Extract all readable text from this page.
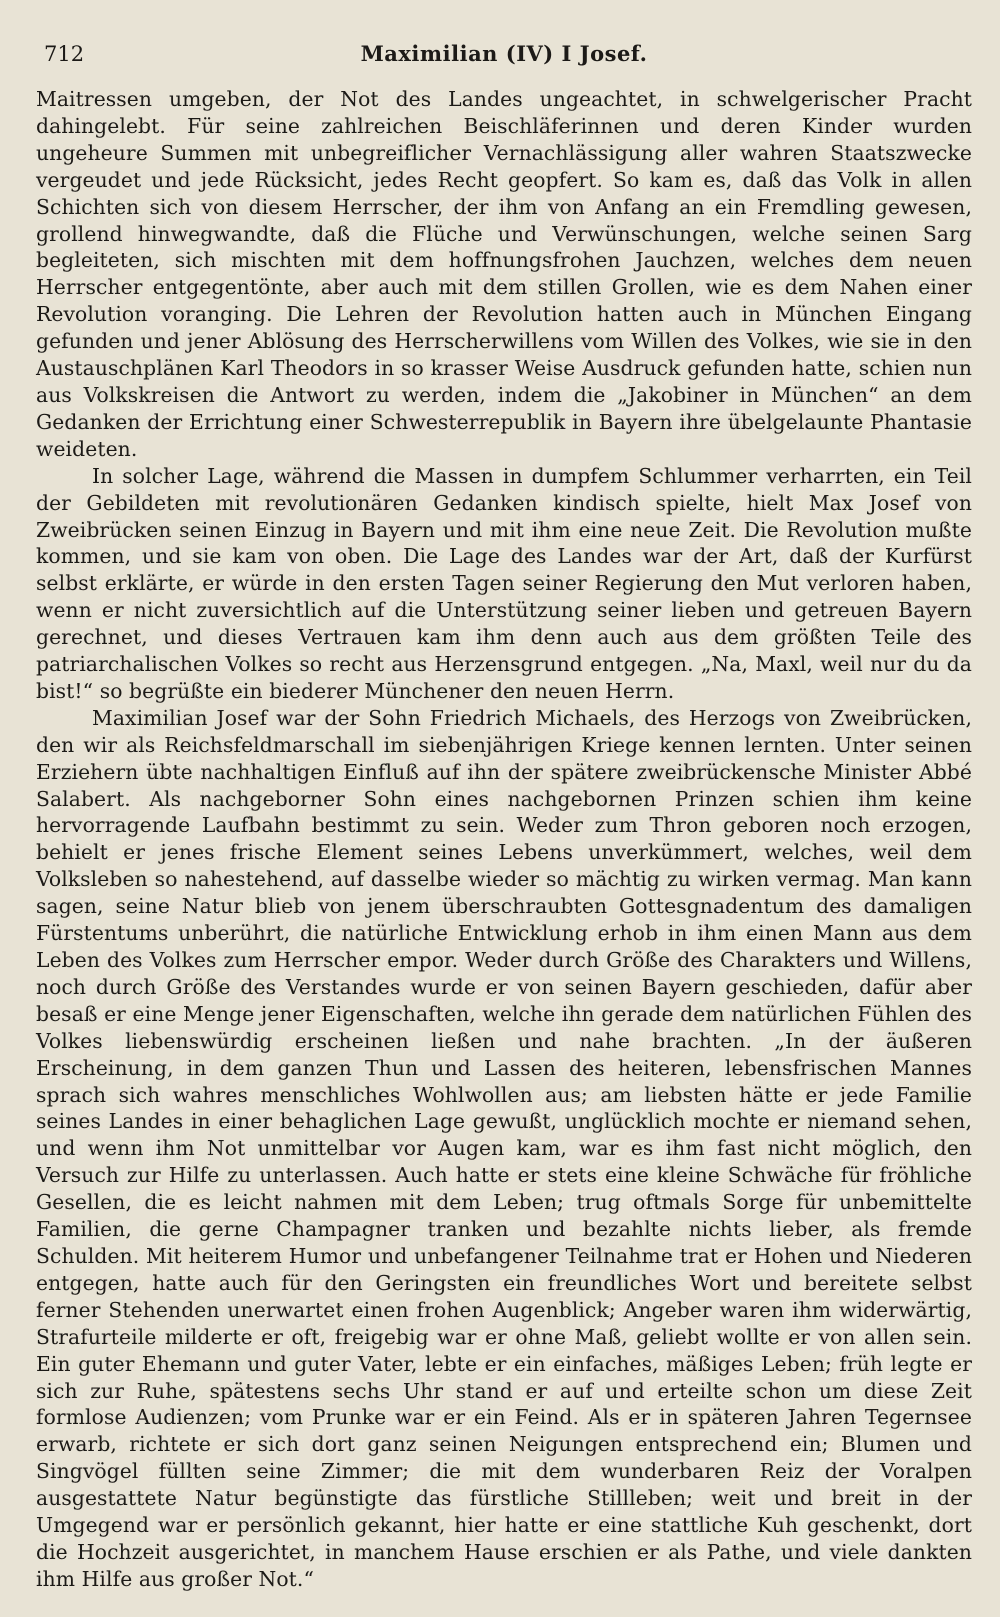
712	Maximilian (IV) I Josef.

Maitressen umgeben, der Not des Landes ungeachtet, in schwelgerischer Pracht dahingelebt. Für seine zahlreichen Beischläferinnen und deren Kinder wurden ungeheure Summen mit unbegreiflicher Vernachlässigung aller wahren Staatszwecke vergeudet und jede Rücksicht, jedes Recht geopfert. So kam es, daß das Volk in allen Schichten sich von diesem Herrscher, der ihm von Anfang an ein Fremdling gewesen, grollend hinwegwandte, daß die Flüche und Verwünschungen, welche seinen Sarg begleiteten, sich mischten mit dem hoffnungsfrohen Jauchzen, welches dem neuen Herrscher entgegentönte, aber auch mit dem stillen Grollen, wie es dem Nahen einer Revolution voranging. Die Lehren der Revolution hatten auch in München Eingang gefunden und jener Ablösung des Herrscherwillens vom Willen des Volkes, wie sie in den Austauschplänen Karl Theodors in so krasser Weise Ausdruck gefunden hatte, schien nun aus Volkskreisen die Antwort zu werden, indem die „Jakobiner in München“ an dem Gedanken der Errichtung einer Schwesterrepublik in Bayern ihre übelgelaunte Phantasie weideten.

In solcher Lage, während die Massen in dumpfem Schlummer verharrten, ein Teil der Gebildeten mit revolutionären Gedanken kindisch spielte, hielt Max Josef von Zweibrücken seinen Einzug in Bayern und mit ihm eine neue Zeit. Die Revolution mußte kommen, und sie kam von oben. Die Lage des Landes war der Art, daß der Kurfürst selbst erklärte, er würde in den ersten Tagen seiner Regierung den Mut verloren haben, wenn er nicht zuversichtlich auf die Unterstützung seiner lieben und getreuen Bayern gerechnet, und dieses Vertrauen kam ihm denn auch aus dem größten Teile des patriarchalischen Volkes so recht aus Herzensgrund entgegen. „Na, Maxl, weil nur du da bist!“ so begrüßte ein biederer Münchener den neuen Herrn.

Maximilian Josef war der Sohn Friedrich Michaels, des Herzogs von Zweibrücken, den wir als Reichsfeldmarschall im siebenjährigen Kriege kennen lernten. Unter seinen Erziehern übte nachhaltigen Einfluß auf ihn der spätere zweibrückensche Minister Abbé Salabert. Als nachgeborner Sohn eines nachgebornen Prinzen schien ihm keine hervorragende Laufbahn bestimmt zu sein. Weder zum Thron geboren noch erzogen, behielt er jenes frische Element seines Lebens unverkümmert, welches, weil dem Volksleben so nahestehend, auf dasselbe wieder so mächtig zu wirken vermag. Man kann sagen, seine Natur blieb von jenem überschraubten Gottesgnadentum des damaligen Fürstentums unberührt, die natürliche Entwicklung erhob in ihm einen Mann aus dem Leben des Volkes zum Herrscher empor. Weder durch Größe des Charakters und Willens, noch durch Größe des Verstandes wurde er von seinen Bayern geschieden, dafür aber besaß er eine Menge jener Eigenschaften, welche ihn gerade dem natürlichen Fühlen des Volkes liebenswürdig erscheinen ließen und nahe brachten. „In der äußeren Erscheinung, in dem ganzen Thun und Lassen des heiteren, lebensfrischen Mannes sprach sich wahres menschliches Wohlwollen aus; am liebsten hätte er jede Familie seines Landes in einer behaglichen Lage gewußt, unglücklich mochte er niemand sehen, und wenn ihm Not unmittelbar vor Augen kam, war es ihm fast nicht möglich, den Versuch zur Hilfe zu unterlassen. Auch hatte er stets eine kleine Schwäche für fröhliche Gesellen, die es leicht nahmen mit dem Leben; trug oftmals Sorge für unbemittelte Familien, die gerne Champagner tranken und bezahlte nichts lieber, als fremde Schulden. Mit heiterem Humor und unbefangener Teilnahme trat er Hohen und Niederen entgegen, hatte auch für den Geringsten ein freundliches Wort und bereitete selbst ferner Stehenden unerwartet einen frohen Augenblick; Angeber waren ihm widerwärtig, Strafurteile milderte er oft, freigebig war er ohne Maß, geliebt wollte er von allen sein. Ein guter Ehemann und guter Vater, lebte er ein einfaches, mäßiges Leben; früh legte er sich zur Ruhe, spätestens sechs Uhr stand er auf und erteilte schon um diese Zeit formlose Audienzen; vom Prunke war er ein Feind. Als er in späteren Jahren Tegernsee erwarb, richtete er sich dort ganz seinen Neigungen entsprechend ein; Blumen und Singvögel füllten seine Zimmer; die mit dem wunderbaren Reiz der Voralpen ausgestattete Natur begünstigte das fürstliche Stillleben; weit und breit in der Umgegend war er persönlich gekannt, hier hatte er eine stattliche Kuh geschenkt, dort die Hochzeit ausgerichtet, in manchem Hause erschien er als Pathe, und viele dankten ihm Hilfe aus großer Not.“
